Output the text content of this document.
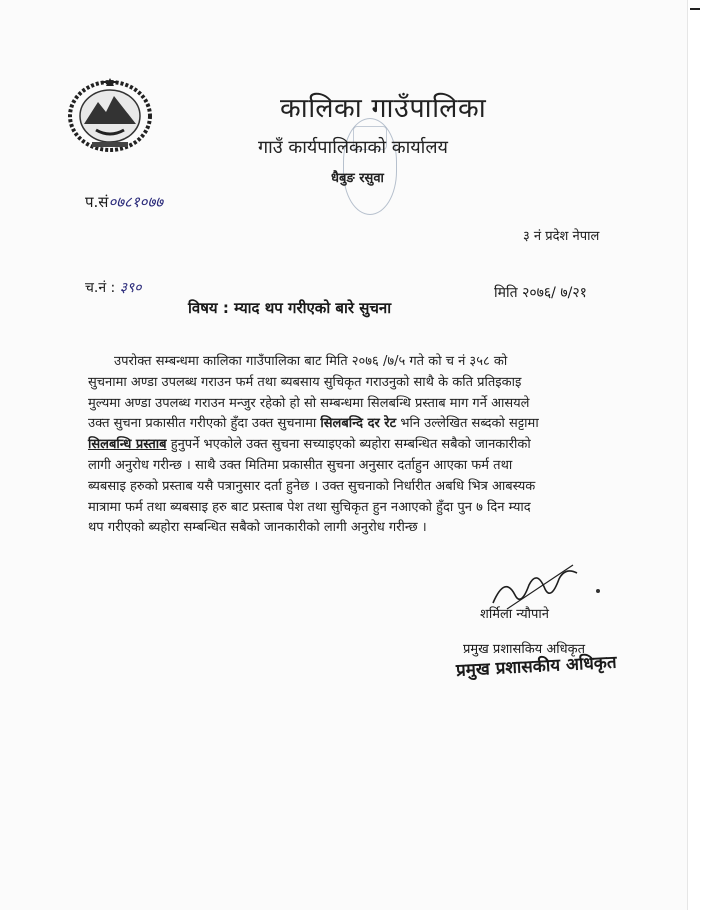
कालिका गाउँपालिका
गाउँ कार्यपालिकाको कार्यालय
धैबुङ रसुवा
प.सं०७८१०७७
३ नं प्रदेश नेपाल
च.नं : ३९०	मिति २०७६/ ७/२१
विषय : म्याद थप गरीएको बारे सुचना
उपरोक्त सम्बन्धमा कालिका गाउँपालिका बाट मिति २०७६ /७/५ गते को च नं ३५८ को
सुचनामा अण्डा उपलब्ध गराउन फर्म तथा ब्यबसाय सुचिकृत गराउनुको साथै के कति प्रतिइकाइ
मुल्यमा अण्डा उपलब्ध गराउन मन्जुर रहेको हो सो सम्बन्धमा सिलबन्धि प्रस्ताब माग गर्ने आसयले
उक्त सुचना प्रकासीत गरीएको हुँदा उक्त सुचनामा सिलबन्दि दर रेट भनि उल्लेखित सब्दको सट्टामा
सिलबन्धि प्रस्ताब हुनुपर्ने भएकोले उक्त सुचना सच्याइएको ब्यहोरा सम्बन्धित सबैको जानकारीको
लागी अनुरोध गरीन्छ । साथै उक्त मितिमा प्रकासीत सुचना अनुसार दर्ताहुन आएका फर्म तथा
ब्यबसाइ हरुको प्रस्ताब यसै पत्रानुसार दर्ता हुनेछ । उक्त सुचनाको निर्धारीत अबधि भित्र आबस्यक
मात्रामा फर्म तथा ब्यबसाइ हरु बाट प्रस्ताब पेश तथा सुचिकृत हुन नआएको हुँदा पुन ७ दिन म्याद
थप गरीएको ब्यहोरा सम्बन्धित सबैको जानकारीको लागी अनुरोध गरीन्छ ।
शर्मिला न्यौपाने
प्रमुख प्रशासकिय अधिकृत
प्रमुख प्रशासकीय अधिकृत
